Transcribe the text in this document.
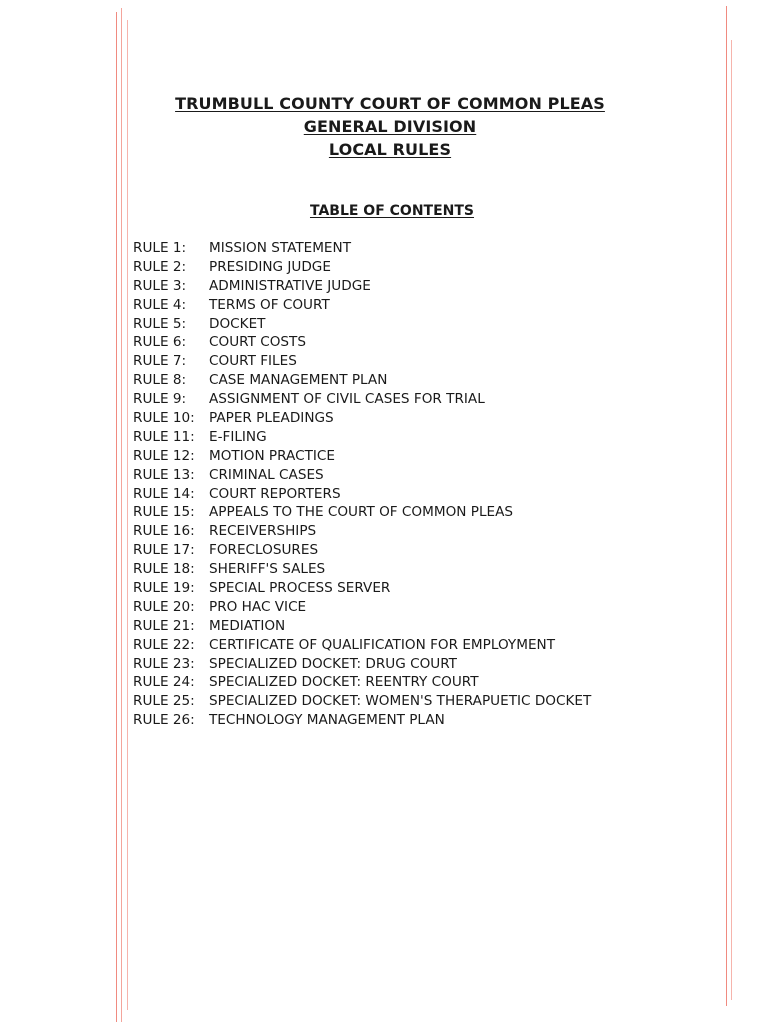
TRUMBULL COUNTY COURT OF COMMON PLEAS
GENERAL DIVISION
LOCAL RULES
TABLE OF CONTENTS
RULE 1:	MISSION STATEMENT
RULE 2:	PRESIDING JUDGE
RULE 3:	ADMINISTRATIVE JUDGE
RULE 4:	TERMS OF COURT
RULE 5:	DOCKET
RULE 6:	COURT COSTS
RULE 7:	COURT FILES
RULE 8:	CASE MANAGEMENT PLAN
RULE 9:	ASSIGNMENT OF CIVIL CASES FOR TRIAL
RULE 10:	PAPER PLEADINGS
RULE 11:	E-FILING
RULE 12:	MOTION PRACTICE
RULE 13:	CRIMINAL CASES
RULE 14:	COURT REPORTERS
RULE 15:	APPEALS TO THE COURT OF COMMON PLEAS
RULE 16:	RECEIVERSHIPS
RULE 17:	FORECLOSURES
RULE 18:	SHERIFF'S SALES
RULE 19:	SPECIAL PROCESS SERVER
RULE 20:	PRO HAC VICE
RULE 21:	MEDIATION
RULE 22:	CERTIFICATE OF QUALIFICATION FOR EMPLOYMENT
RULE 23:	SPECIALIZED DOCKET: DRUG COURT
RULE 24:	SPECIALIZED DOCKET: REENTRY COURT
RULE 25:	SPECIALIZED DOCKET: WOMEN'S THERAPUETIC DOCKET
RULE 26:	TECHNOLOGY MANAGEMENT PLAN
